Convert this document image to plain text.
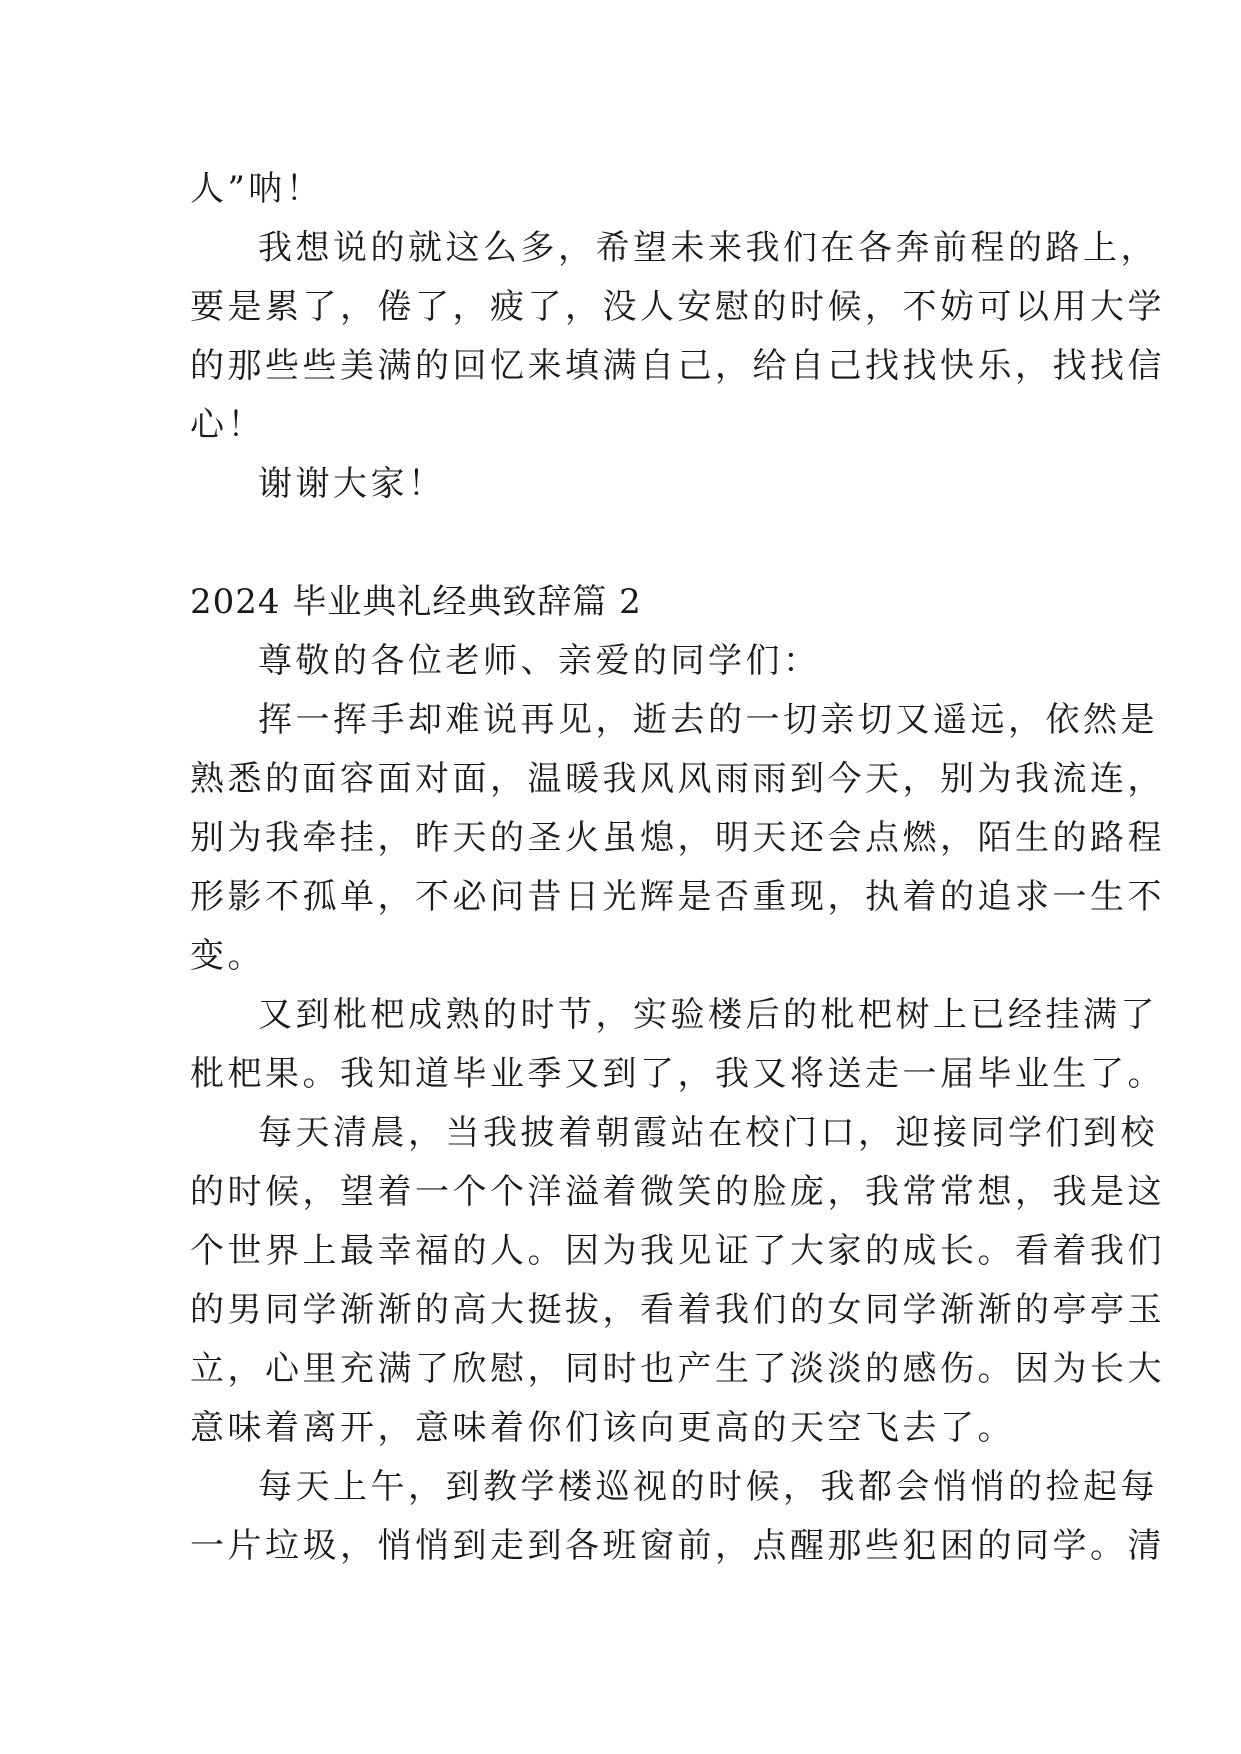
人”呐！
我想说的就这么多，希望未来我们在各奔前程的路上，
要是累了，倦了，疲了，没人安慰的时候，不妨可以用大学
的那些些美满的回忆来填满自己，给自己找找快乐，找找信
心！
谢谢大家！
2024 毕业典礼经典致辞篇 2
尊敬的各位老师、亲爱的同学们：
挥一挥手却难说再见，逝去的一切亲切又遥远，依然是
熟悉的面容面对面，温暖我风风雨雨到今天，别为我流连，
别为我牵挂，昨天的圣火虽熄，明天还会点燃，陌生的路程
形影不孤单，不必问昔日光辉是否重现，执着的追求一生不
变。
又到枇杷成熟的时节，实验楼后的枇杷树上已经挂满了
枇杷果。我知道毕业季又到了，我又将送走一届毕业生了。
每天清晨，当我披着朝霞站在校门口，迎接同学们到校
的时候，望着一个个洋溢着微笑的脸庞，我常常想，我是这
个世界上最幸福的人。因为我见证了大家的成长。看着我们
的男同学渐渐的高大挺拔，看着我们的女同学渐渐的亭亭玉
立，心里充满了欣慰，同时也产生了淡淡的感伤。因为长大
意味着离开，意味着你们该向更高的天空飞去了。
每天上午，到教学楼巡视的时候，我都会悄悄的捡起每
一片垃圾，悄悄到走到各班窗前，点醒那些犯困的同学。清
